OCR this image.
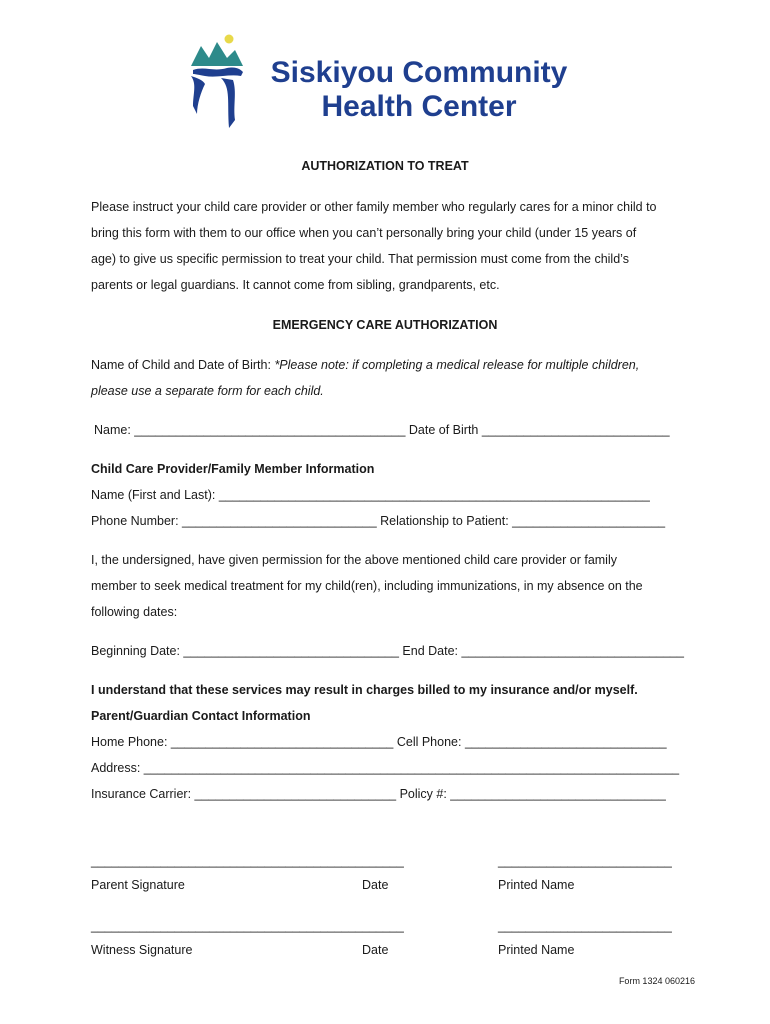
Siskiyou Community
Health Center
AUTHORIZATION TO TREAT
Please instruct your child care provider or other family member who regularly cares for a minor child to
bring this form with them to our office when you can’t personally bring your child (under 15 years of
age) to give us specific permission to treat your child. That permission must come from the child’s
parents or legal guardians. It cannot come from sibling, grandparents, etc.
EMERGENCY CARE AUTHORIZATION
Name of Child and Date of Birth: *Please note: if completing a medical release for multiple children,
please use a separate form for each child.
Name: _______________________________________ Date of Birth ___________________________
Child Care Provider/Family Member Information
Name (First and Last): ______________________________________________________________
Phone Number: ____________________________ Relationship to Patient: ______________________
I, the undersigned, have given permission for the above mentioned child care provider or family
member to seek medical treatment for my child(ren), including immunizations, in my absence on the
following dates:
Beginning Date: _______________________________ End Date: ________________________________
I understand that these services may result in charges billed to my insurance and/or myself.
Parent/Guardian Contact Information
Home Phone: ________________________________ Cell Phone: _____________________________
Address: _____________________________________________________________________________
Insurance Carrier: _____________________________ Policy #: _______________________________
_____________________________________________	_________________________
Parent Signature	Date	Printed Name
_____________________________________________	_________________________
Witness Signature	Date	Printed Name
Form 1324 060216
